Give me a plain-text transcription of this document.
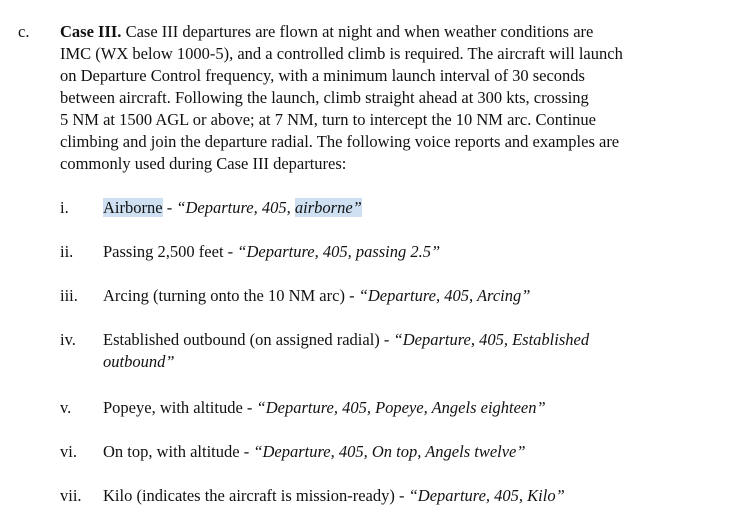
c. Case III. Case III departures are flown at night and when weather conditions are
IMC (WX below 1000-5), and a controlled climb is required. The aircraft will launch
on Departure Control frequency, with a minimum launch interval of 30 seconds
between aircraft. Following the launch, climb straight ahead at 300 kts, crossing
5 NM at 1500 AGL or above; at 7 NM, turn to intercept the 10 NM arc. Continue
climbing and join the departure radial. The following voice reports and examples are
commonly used during Case III departures:
i. Airborne - “Departure, 405, airborne”
ii. Passing 2,500 feet - “Departure, 405, passing 2.5”
iii. Arcing (turning onto the 10 NM arc) - “Departure, 405, Arcing”
iv. Established outbound (on assigned radial) - “Departure, 405, Established
outbound”
v. Popeye, with altitude - “Departure, 405, Popeye, Angels eighteen”
vi. On top, with altitude - “Departure, 405, On top, Angels twelve”
vii. Kilo (indicates the aircraft is mission-ready) - “Departure, 405, Kilo”
